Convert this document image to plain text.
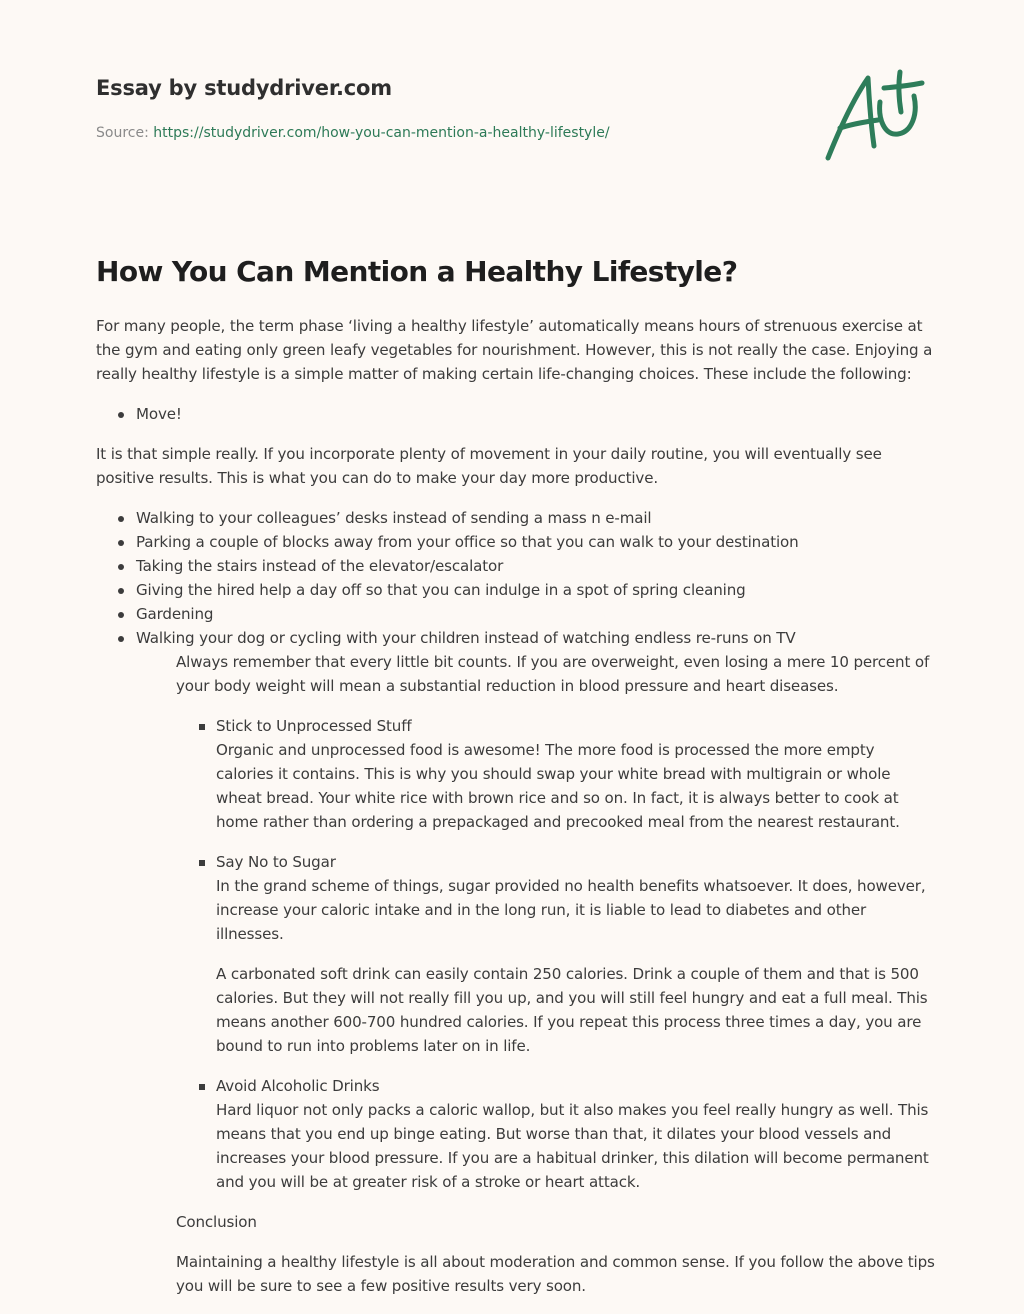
Essay by studydriver.com
Source: https://studydriver.com/how-you-can-mention-a-healthy-lifestyle/
How You Can Mention a Healthy Lifestyle?

For many people, the term phase ‘living a healthy lifestyle’ automatically means hours of strenuous exercise at the gym and eating only green leafy vegetables for nourishment. However, this is not really the case. Enjoying a really healthy lifestyle is a simple matter of making certain life-changing choices. These include the following:

Move!

It is that simple really. If you incorporate plenty of movement in your daily routine, you will eventually see positive results. This is what you can do to make your day more productive.

Walking to your colleagues’ desks instead of sending a mass n e-mail
Parking a couple of blocks away from your office so that you can walk to your destination
Taking the stairs instead of the elevator/escalator
Giving the hired help a day off so that you can indulge in a spot of spring cleaning
Gardening
Walking your dog or cycling with your children instead of watching endless re-runs on TV

Always remember that every little bit counts. If you are overweight, even losing a mere 10 percent of your body weight will mean a substantial reduction in blood pressure and heart diseases.

Stick to Unprocessed Stuff
Organic and unprocessed food is awesome! The more food is processed the more empty calories it contains. This is why you should swap your white bread with multigrain or whole wheat bread. Your white rice with brown rice and so on. In fact, it is always better to cook at home rather than ordering a prepackaged and precooked meal from the nearest restaurant.
Say No to Sugar
In the grand scheme of things, sugar provided no health benefits whatsoever. It does, however, increase your caloric intake and in the long run, it is liable to lead to diabetes and other illnesses.
A carbonated soft drink can easily contain 250 calories. Drink a couple of them and that is 500 calories. But they will not really fill you up, and you will still feel hungry and eat a full meal. This means another 600-700 hundred calories. If you repeat this process three times a day, you are bound to run into problems later on in life.
Avoid Alcoholic Drinks
Hard liquor not only packs a caloric wallop, but it also makes you feel really hungry as well. This means that you end up binge eating. But worse than that, it dilates your blood vessels and increases your blood pressure. If you are a habitual drinker, this dilation will become permanent and you will be at greater risk of a stroke or heart attack.

Conclusion

Maintaining a healthy lifestyle is all about moderation and common sense. If you follow the above tips you will be sure to see a few positive results very soon.
